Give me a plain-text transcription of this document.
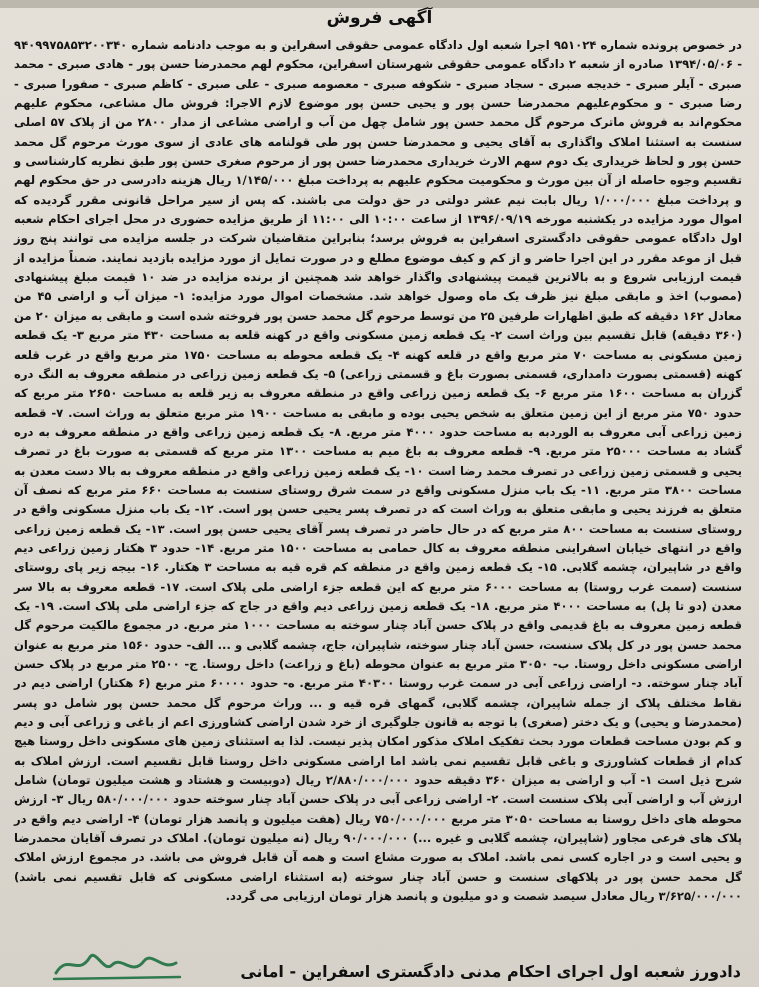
آگهی فروش
در خصوص پرونده شماره ۹۵۱۰۲۴ اجرا شعبه اول دادگاه عمومی حقوقی اسفراین و به موجب دادنامه شماره ۹۴۰۹۹۷۵۸۵۳۲۰۰۳۴۰ - ۱۳۹۴/۰۵/۰۶ صادره از شعبه ۲ دادگاه عمومی حقوقی شهرستان اسفراین، محکوم لهم محمدرضا حسن پور - هادی صبری - محمد صبری - آیلر صبری - خدیجه صبری - سجاد صبری - شکوفه صبری - معصومه صبری - علی صبری - کاظم صبری - صفورا صبری - رضا صبری - و محکوم‌علیهم محمدرضا حسن پور و یحیی حسن پور موضوع لازم الاجرا: فروش مال مشاعی، محکوم علیهم محکوم‌اند به فروش ماترک مرحوم گل محمد حسن پور شامل چهل من آب و اراضی مشاعی از مدار ۲۸۰۰ من از پلاک ۵۷ اصلی سنست به استثنا املاک واگذاری به آقای یحیی و محمدرضا حسن پور طی قولنامه های عادی از سوی مورث مرحوم گل محمد حسن پور و لحاظ خریداری یک دوم سهم الارث خریداری محمدرضا حسن پور از مرحوم صغری حسن پور طبق نظریه کارشناسی و تقسیم وجوه حاصله از آن بین مورث و محکومیت محکوم علیهم به پرداخت مبلغ ۱/۱۴۵/۰۰۰ ریال هزینه دادرسی در حق محکوم لهم و پرداخت مبلغ ۱/۰۰۰/۰۰۰ ریال بابت نیم عشر دولتی در حق دولت می باشند. که پس از سیر مراحل قانونی مقرر گردیده که اموال مورد مزایده در یکشنبه مورخه ۱۳۹۶/۰۹/۱۹ از ساعت ۱۰:۰۰ الی ۱۱:۰۰ از طریق مزایده حضوری در محل اجرای احکام شعبه اول دادگاه عمومی حقوقی دادگستری اسفراین به فروش برسد؛ بنابراین متقاضیان شرکت در جلسه مزایده می توانند پنج روز قبل از موعد مقرر در این اجرا حاضر و از کم و کیف موضوع مطلع و در صورت تمایل از مورد مزایده بازدید نمایند. ضمناً مزایده از قیمت ارزیابی شروع و به بالاترین قیمت پیشنهادی واگذار خواهد شد همچنین از برنده مزایده در ضد ۱۰ قیمت مبلغ پیشنهادی (مصوب) اخذ و مابقی مبلغ نیز ظرف یک ماه وصول خواهد شد. مشخصات اموال مورد مزایده: ۱- میزان آب و اراضی ۴۵ من معادل ۱۶۲ دقیقه که طبق اظهارات طرفین ۲۵ من توسط مرحوم گل محمد حسن پور فروخته شده است و مابقی به میزان ۲۰ من (۳۶۰ دقیقه) قابل تقسیم بین وراث است ۲- یک قطعه زمین مسکونی واقع در کهنه قلعه به مساحت ۴۳۰ متر مربع ۳- یک قطعه زمین مسکونی به مساحت ۷۰ متر مربع واقع در قلعه کهنه ۴- یک قطعه محوطه به مساحت ۱۷۵۰ متر مربع واقع در غرب قلعه کهنه (قسمتی بصورت دامداری، قسمتی بصورت باغ و قسمتی زراعی) ۵- یک قطعه زمین زراعی در منطقه معروف به النگ دره گزران به مساحت ۱۶۰۰ متر مربع ۶- یک قطعه زمین زراعی واقع در منطقه معروف به زیر قلعه به مساحت ۲۶۵۰ متر مربع که حدود ۷۵۰ متر مربع از این زمین متعلق به شخص یحیی بوده و مابقی به مساحت ۱۹۰۰ متر مربع متعلق به وراث است. ۷- قطعه زمین زراعی آبی معروف به الوردبه به مساحت حدود ۴۰۰۰ متر مربع. ۸- یک قطعه زمین زراعی واقع در منطقه معروف به دره گشاد به مساحت ۲۵۰۰۰ متر مربع. ۹- قطعه معروف به باغ میم به مساحت ۱۳۰۰ متر مربع که قسمتی به صورت باغ در تصرف یحیی و قسمتی زمین زراعی در تصرف محمد رضا است ۱۰- یک قطعه زمین زراعی واقع در منطقه معروف به بالا دست معدن به مساحت ۳۸۰۰ متر مربع. ۱۱- یک باب منزل مسکونی واقع در سمت شرق روستای سنست به مساحت ۶۶۰ متر مربع که نصف آن متعلق به فرزند یحیی و مابقی متعلق به وراث است که در تصرف پسر یحیی حسن پور است. ۱۲- یک باب منزل مسکونی واقع در روستای سنست به مساحت ۸۰۰ متر مربع که در حال حاضر در تصرف پسر آقای یحیی حسن پور است. ۱۳- یک قطعه زمین زراعی واقع در انتهای خیابان اسفراینی منطقه معروف به کال حمامی به مساحت ۱۵۰۰ متر مربع. ۱۴- حدود ۳ هکتار زمین زراعی دیم واقع در شاپیران، چشمه گلابی. ۱۵- یک قطعه زمین واقع در منطقه کم قره قیه به مساحت ۳ هکتار. ۱۶- بیجه زیر پای روستای سنست (سمت غرب روستا) به مساحت ۶۰۰۰ متر مربع که این قطعه جزء اراضی ملی پلاک است. ۱۷- قطعه معروف به بالا سر معدن (دو تا پل) به مساحت ۴۰۰۰ متر مربع. ۱۸- یک قطعه زمین زراعی دیم واقع در جاج که جزء اراضی ملی پلاک است. ۱۹- یک قطعه زمین معروف به باغ قدیمی واقع در پلاک حسن آباد چنار سوخته به مساحت ۱۰۰۰ متر مربع. در مجموع مالکیت مرحوم گل محمد حسن پور در کل پلاک سنست، حسن آباد چنار سوخته، شاپیران، جاج، چشمه گلابی و ... الف- حدود ۱۵۶۰ متر مربع به عنوان اراضی مسکونی داخل روستا. ب- ۳۰۵۰ متر مربع به عنوان محوطه (باغ و زراعت) داخل روستا. ج- ۲۵۰۰ متر مربع در پلاک حسن آباد چنار سوخته. د- اراضی زراعی آبی در سمت غرب روستا ۴۰۳۰۰ متر مربع. ه- حدود ۶۰۰۰۰ متر مربع (۶ هکتار) اراضی دیم در نقاط مختلف پلاک از جمله شاپیران، چشمه گلابی، گمهای قره قیه و ... وراث مرحوم گل محمد حسن پور شامل دو پسر (محمدرضا و یحیی) و یک دختر (صغری) با توجه به قانون جلوگیری از خرد شدن اراضی کشاورزی اعم از باغی و زراعی آبی و دیم و کم بودن مساحت قطعات مورد بحث تفکیک املاک مذکور امکان پذیر نیست. لذا به استثنای زمین های مسکونی داخل روستا هیچ کدام از قطعات کشاورزی و باغی قابل تقسیم نمی باشد اما اراضی مسکونی داخل روستا قابل تقسیم است. ارزش املاک به شرح ذیل است ۱- آب و اراضی به میزان ۳۶۰ دقیقه حدود ۲/۸۸۰/۰۰۰/۰۰۰ ریال (دوبیست و هشتاد و هشت میلیون تومان) شامل ارزش آب و اراضی آبی پلاک سنست است. ۲- اراضی زراعی آبی در پلاک حسن آباد چنار سوخته حدود ۵۸۰/۰۰۰/۰۰۰ ریال ۳- ارزش محوطه های داخل روستا به مساحت ۳۰۵۰ متر مربع ۷۵۰/۰۰۰/۰۰۰ ریال (هفت میلیون و پانصد هزار تومان) ۴- اراضی دیم واقع در پلاک های فرعی مجاور (شاپیران، چشمه گلابی و غیره ...) ۹۰/۰۰۰/۰۰۰ ریال (نه میلیون تومان). املاک در تصرف آقایان محمدرضا و یحیی است و در اجاره کسی نمی باشد. املاک به صورت مشاع است و همه آن قابل فروش می باشد. در مجموع ارزش املاک گل محمد حسن پور در پلاکهای سنست و حسن آباد چنار سوخته (به استثناء اراضی مسکونی که قابل تقسیم نمی باشد) ۳/۶۲۵/۰۰۰/۰۰۰ ریال معادل سیصد شصت و دو میلیون و پانصد هزار تومان ارزیابی می گردد.
دادورز شعبه اول اجرای احکام مدنی دادگستری اسفراین - امانی
